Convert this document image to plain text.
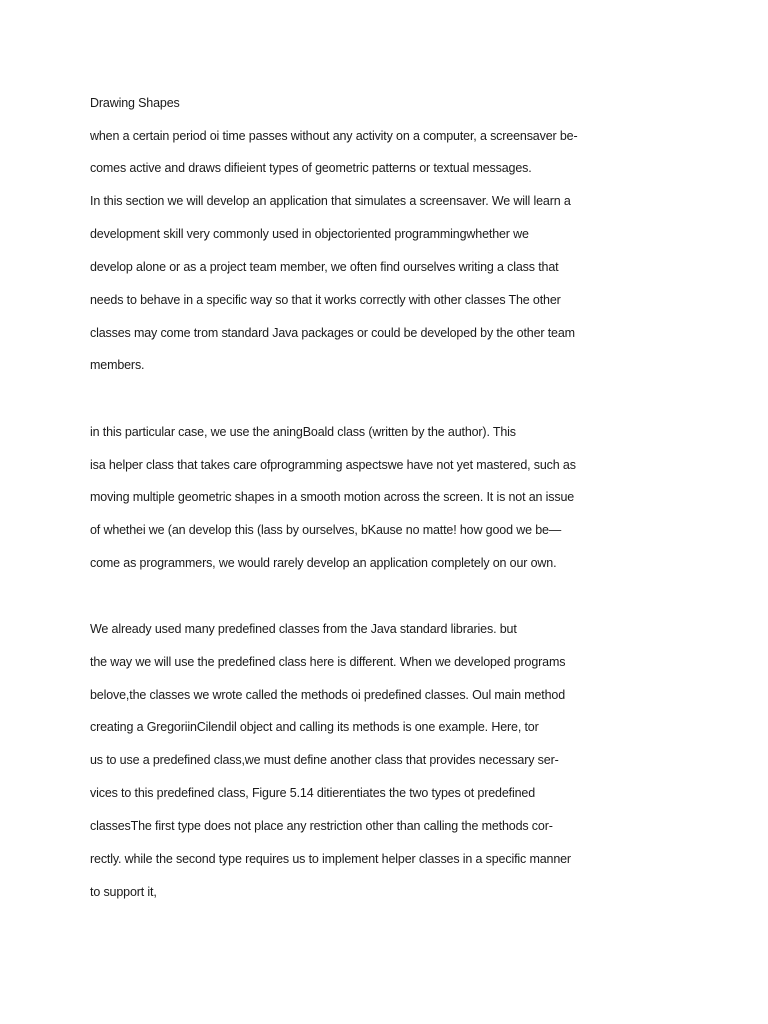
Drawing Shapes

when a certain period oi time passes without any activity on a computer, a screensaver be-

comes active and draws difieient types of geometric patterns or textual messages.

In this section we will develop an application that simulates a screensaver. We will learn a

development skill very commonly used in objectoriented programmingwhether we

develop alone or as a project team member, we often find ourselves writing a class that

needs to behave in a specific way so that it works correctly with other classes The other

classes may come trom standard Java packages or could be developed by the other team

members.

in this particular case, we use the aningBoald class (written by the author). This

isa helper class that takes care ofprogramming aspectswe have not yet mastered, such as

moving multiple geometric shapes in a smooth motion across the screen. It is not an issue

of whethei we (an develop this (lass by ourselves, bKause no matte! how good we be—

come as programmers, we would rarely develop an application completely on our own.

We already used many predefined classes from the Java standard libraries. but

the way we will use the predefined class here is different. When we developed programs

belove,the classes we wrote called the methods oi predefined classes. Oul main method

creating a GregoriinCilendil object and calling its methods is one example. Here, tor

us to use a predefined class,we must define another class that provides necessary ser-

vices to this predefined class, Figure 5.14 ditierentiates the two types ot predefined

classesThe first type does not place any restriction other than calling the methods cor-

rectly. while the second type requires us to implement helper classes in a specific manner

to support it,
